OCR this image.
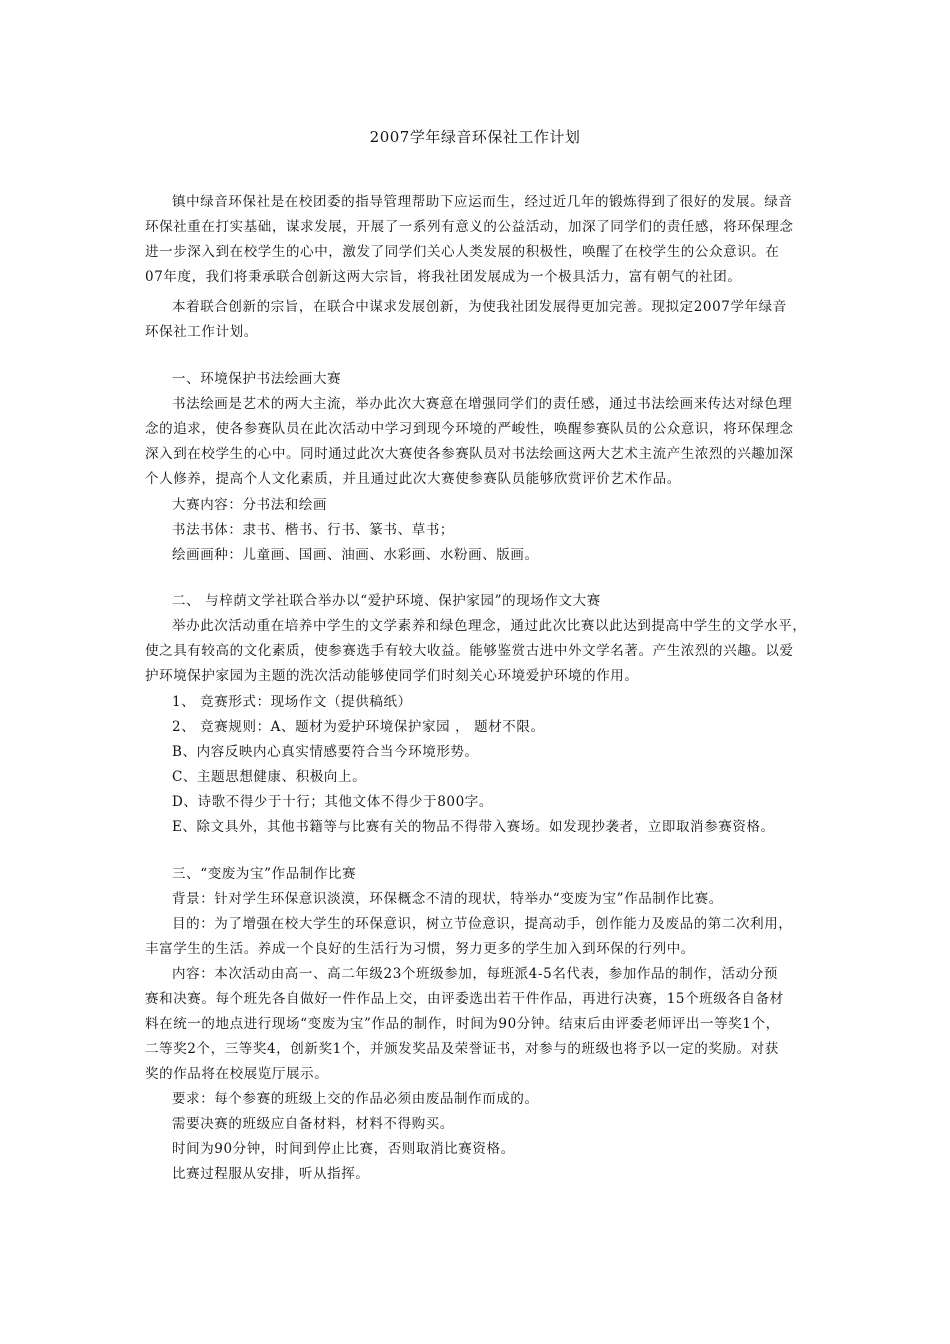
2007学年绿音环保社工作计划
镇中绿音环保社是在校团委的指导管理帮助下应运而生，经过近几年的锻炼得到了很好的发展。绿音
环保社重在打实基础，谋求发展，开展了一系列有意义的公益活动，加深了同学们的责任感，将环保理念
进一步深入到在校学生的心中，激发了同学们关心人类发展的积极性，唤醒了在校学生的公众意识。在
07年度，我们将秉承联合创新这两大宗旨，将我社团发展成为一个极具活力，富有朝气的社团。
本着联合创新的宗旨，在联合中谋求发展创新，为使我社团发展得更加完善。现拟定2007学年绿音
环保社工作计划。
一、环境保护书法绘画大赛
书法绘画是艺术的两大主流，举办此次大赛意在增强同学们的责任感，通过书法绘画来传达对绿色理
念的追求，使各参赛队员在此次活动中学习到现今环境的严峻性，唤醒参赛队员的公众意识，将环保理念
深入到在校学生的心中。同时通过此次大赛使各参赛队员对书法绘画这两大艺术主流产生浓烈的兴趣加深
个人修养，提高个人文化素质，并且通过此次大赛使参赛队员能够欣赏评价艺术作品。
大赛内容：分书法和绘画
书法书体：隶书、楷书、行书、篆书、草书；
绘画画种：儿童画、国画、油画、水彩画、水粉画、版画。
二、 与梓荫文学社联合举办以“爱护环境、保护家园”的现场作文大赛
举办此次活动重在培养中学生的文学素养和绿色理念，通过此次比赛以此达到提高中学生的文学水平，
使之具有较高的文化素质，使参赛选手有较大收益。能够鉴赏古进中外文学名著。产生浓烈的兴趣。以爱
护环境保护家园为主题的洗次活动能够使同学们时刻关心环境爱护环境的作用。
1、 竞赛形式：现场作文（提供稿纸）
2、 竞赛规则：A、题材为爱护环境保护家园 ， 题材不限。
B、内容反映内心真实情感要符合当今环境形势。
C、主题思想健康、积极向上。
D、诗歌不得少于十行；其他文体不得少于800字。
E、除文具外，其他书籍等与比赛有关的物品不得带入赛场。如发现抄袭者，立即取消参赛资格。
三、“变废为宝”作品制作比赛
背景：针对学生环保意识淡漠，环保概念不清的现状，特举办“变废为宝”作品制作比赛。
目的：为了增强在校大学生的环保意识，树立节俭意识，提高动手，创作能力及废品的第二次利用，
丰富学生的生活。养成一个良好的生活行为习惯，努力更多的学生加入到环保的行列中。
内容：本次活动由高一、高二年级23个班级参加，每班派4-5名代表，参加作品的制作，活动分预
赛和决赛。每个班先各自做好一件作品上交，由评委选出若干件作品，再进行决赛，15个班级各自备材
料在统一的地点进行现场“变废为宝”作品的制作，时间为90分钟。结束后由评委老师评出一等奖1个，
二等奖2个，三等奖4，创新奖1个，并颁发奖品及荣誉证书，对参与的班级也将予以一定的奖励。对获
奖的作品将在校展览厅展示。
要求：每个参赛的班级上交的作品必须由废品制作而成的。
需要决赛的班级应自备材料，材料不得购买。
时间为90分钟，时间到停止比赛，否则取消比赛资格。
比赛过程服从安排，听从指挥。
